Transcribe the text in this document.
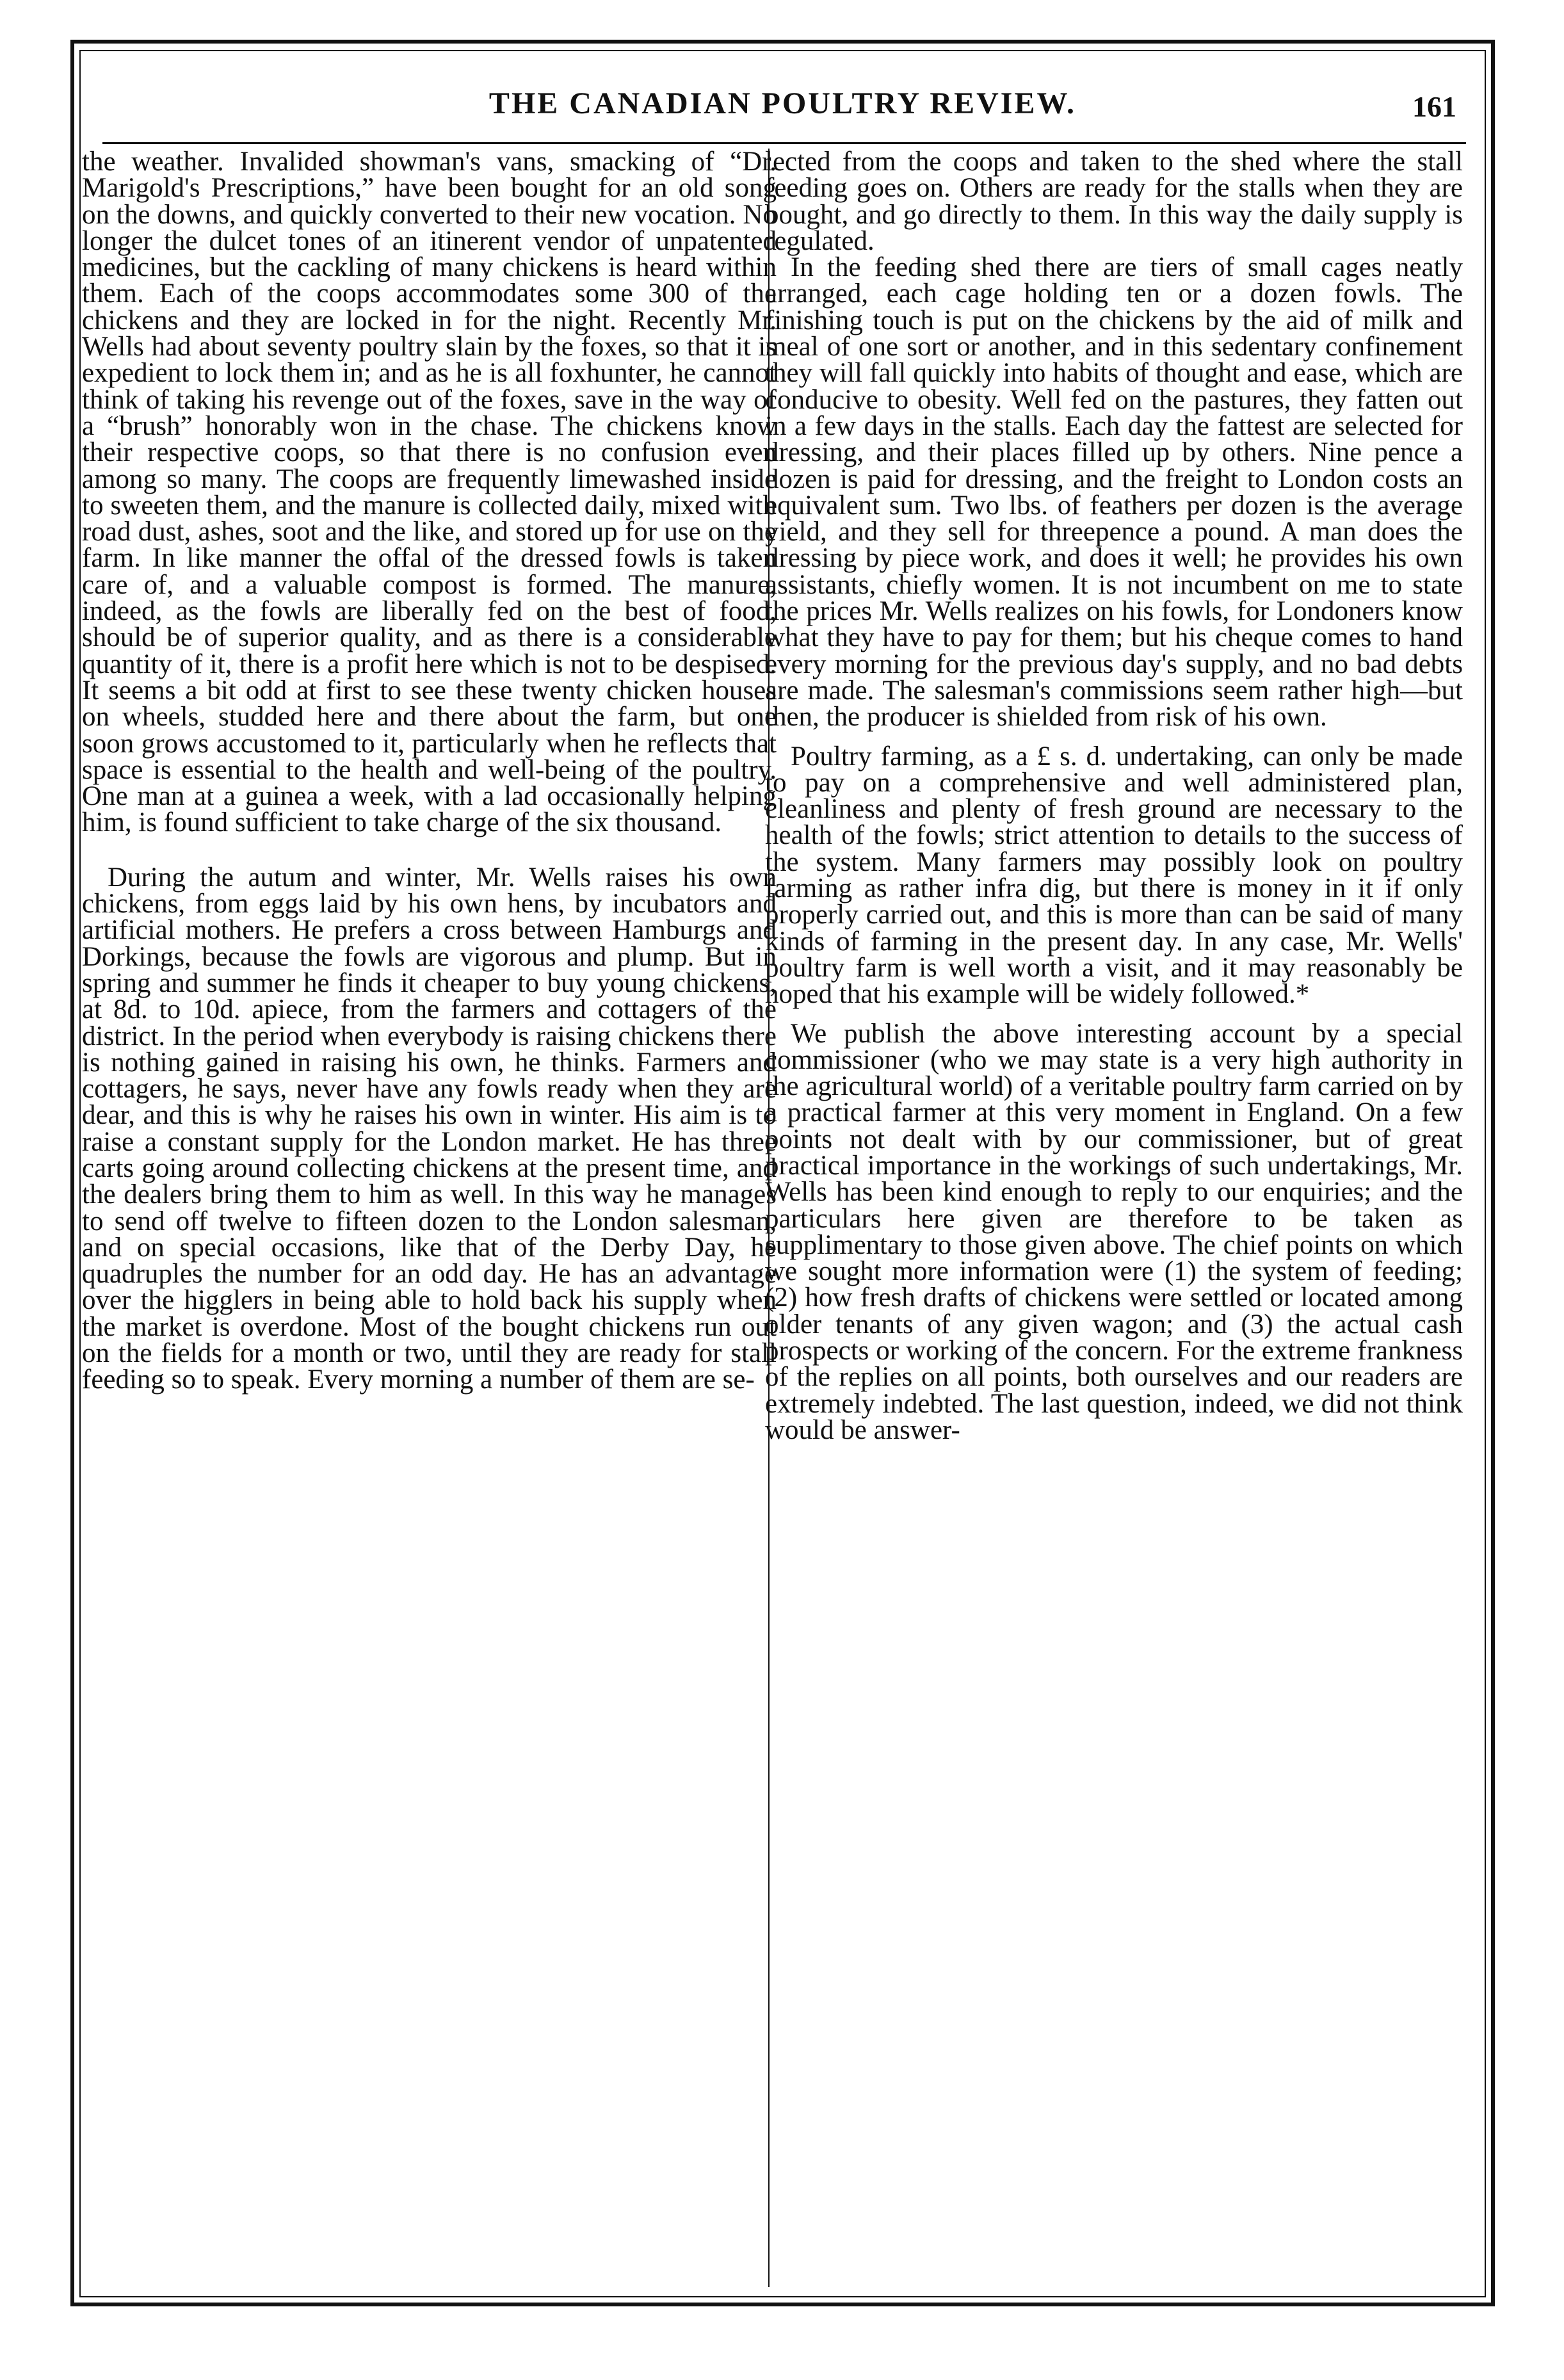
THE CANADIAN POULTRY REVIEW.	161

the weather. Invalided showman's vans, smacking of “Dr. Marigold's Prescriptions,” have been bought for an old song on the downs, and quickly converted to their new vocation. No longer the dulcet tones of an itinerent vendor of unpatented medicines, but the cackling of many chickens is heard within them. Each of the coops accommodates some 300 of the chickens and they are locked in for the night. Recently Mr. Wells had about seventy poultry slain by the foxes, so that it is expedient to lock them in; and as he is all foxhunter, he cannot think of taking his revenge out of the foxes, save in the way of a “brush” honorably won in the chase. The chickens know their respective coops, so that there is no confusion even among so many. The coops are frequently limewashed inside to sweeten them, and the manure is collected daily, mixed with road dust, ashes, soot and the like, and stored up for use on the farm. In like manner the offal of the dressed fowls is taken care of, and a valuable compost is formed. The manure, indeed, as the fowls are liberally fed on the best of food, should be of superior quality, and as there is a considerable quantity of it, there is a profit here which is not to be despised. It seems a bit odd at first to see these twenty chicken houses on wheels, studded here and there about the farm, but one soon grows accustomed to it, particularly when he reflects that space is essential to the health and well-being of the poultry. One man at a guinea a week, with a lad occasionally helping him, is found sufficient to take charge of the six thousand.

During the autum and winter, Mr. Wells raises his own chickens, from eggs laid by his own hens, by incubators and artificial mothers. He prefers a cross between Hamburgs and Dorkings, because the fowls are vigorous and plump. But in spring and summer he finds it cheaper to buy young chickens, at 8d. to 10d. apiece, from the farmers and cottagers of the district. In the period when everybody is raising chickens there is nothing gained in raising his own, he thinks. Farmers and cottagers, he says, never have any fowls ready when they are dear, and this is why he raises his own in winter. His aim is to raise a constant supply for the London market. He has three carts going around collecting chickens at the present time, and the dealers bring them to him as well. In this way he manages to send off twelve to fifteen dozen to the London salesman, and on special occasions, like that of the Derby Day, he quadruples the number for an odd day. He has an advantage over the higglers in being able to hold back his supply when the market is overdone. Most of the bought chickens run out on the fields for a month or two, until they are ready for stall feeding so to speak. Every morning a number of them are se-

lected from the coops and taken to the shed where the stall feeding goes on. Others are ready for the stalls when they are bought, and go directly to them. In this way the daily supply is regulated.

In the feeding shed there are tiers of small cages neatly arranged, each cage holding ten or a dozen fowls. The finishing touch is put on the chickens by the aid of milk and meal of one sort or another, and in this sedentary confinement they will fall quickly into habits of thought and ease, which are conducive to obesity. Well fed on the pastures, they fatten out in a few days in the stalls. Each day the fattest are selected for dressing, and their places filled up by others. Nine pence a dozen is paid for dressing, and the freight to London costs an equivalent sum. Two lbs. of feathers per dozen is the average yield, and they sell for threepence a pound. A man does the dressing by piece work, and does it well; he provides his own assistants, chiefly women. It is not incumbent on me to state the prices Mr. Wells realizes on his fowls, for Londoners know what they have to pay for them; but his cheque comes to hand every morning for the previous day's supply, and no bad debts are made. The salesman's commissions seem rather high—but then, the producer is shielded from risk of his own.

Poultry farming, as a £ s. d. undertaking, can only be made to pay on a comprehensive and well administered plan, cleanliness and plenty of fresh ground are necessary to the health of the fowls; strict attention to details to the success of the system. Many farmers may possibly look on poultry farming as rather infra dig, but there is money in it if only properly carried out, and this is more than can be said of many kinds of farming in the present day. In any case, Mr. Wells' poultry farm is well worth a visit, and it may reasonably be hoped that his example will be widely followed.*

We publish the above interesting account by a special commissioner (who we may state is a very high authority in the agricultural world) of a veritable poultry farm carried on by a practical farmer at this very moment in England. On a few points not dealt with by our commissioner, but of great practical importance in the workings of such undertakings, Mr. Wells has been kind enough to reply to our enquiries; and the particulars here given are therefore to be taken as supplimentary to those given above. The chief points on which we sought more information were (1) the system of feeding; (2) how fresh drafts of chickens were settled or located among older tenants of any given wagon; and (3) the actual cash prospects or working of the concern. For the extreme frankness of the replies on all points, both ourselves and our readers are extremely indebted. The last question, indeed, we did not think would be answer-
